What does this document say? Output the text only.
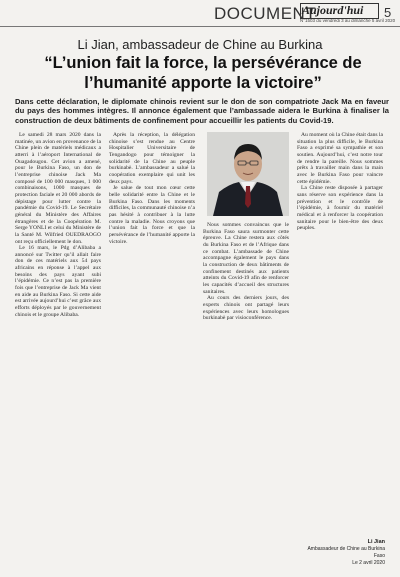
DOCUMENT
Aujourd'hui 5
N°1503 du vendredi 3 au dimanche 5 avril 2020
Li Jian, ambassadeur de Chine au Burkina
“L’union fait la force, la persévérance de l’humanité apporte la victoire”
Dans cette déclaration, le diplomate chinois revient sur le don de son compatriote Jack Ma en faveur du pays des hommes intègres. Il annonce également que l’ambassade aidera le Burkina à finaliser la construction de deux bâtiments de confinement pour accueillir les patients du Covid-19.

Le samedi 28 mars 2020 dans la matinée, un avion en provenance de la Chine plein de matériels médicaux a atterri à l’aéroport International de Ouagadougou. Cet avion a amené, pour le Burkina Faso, un don de l’entreprise chinoise Jack Ma composé de 100 000 masques, 1 000 combinaisons, 1000 masques de protection faciale et 20 000 abords de dépistage pour lutter contre la pandémie du Covid-19. Le Secrétaire général du Ministère des Affaires étrangères et de la Coopération M. Serge YONLI et celui du Ministère de la Santé M. Wilfried OUEDRAOGO ont reçu officiellement le don.

Le 16 mars, le Pdg d’Alibaba a annoncé sur Twitter qu’il allait faire don de ces matériels aux 54 pays africains en réponse à l’appel aux besoins des pays ayant subi l’épidémie. Ce n’est pas la première fois que l’entreprise de Jack Ma vient en aide au Burkina Faso. Si cette aide est arrivée aujourd’hui c’est grâce aux efforts déployés par le gouvernement chinois et le groupe Alibaba.

Après la réception, la délégation chinoise s’est rendue au Centre Hospitalier Universitaire de Tengandogo pour témoigner la solidarité de la Chine au peuple burkinabè. L’ambassadeur a salué la coopération exemplaire qui unit les deux pays.

Je salue de tout mon cœur cette belle solidarité entre la Chine et le Burkina Faso. Dans les moments difficiles, la communauté chinoise n’a pas hésité à contribuer à la lutte contre la maladie. Nous croyons que l’union fait la force et que la persévérance de l’humanité apporte la victoire.

Nous sommes convaincus que le Burkina Faso saura surmonter cette épreuve. La Chine restera aux côtés du Burkina Faso et de l’Afrique dans ce combat. L’ambassade de Chine accompagne également le pays dans la construction de deux bâtiments de confinement destinés aux patients atteints du Covid-19 afin de renforcer les capacités d’accueil des structures sanitaires.

Au cours des derniers jours, des experts chinois ont partagé leurs expériences avec leurs homologues burkinabè par visioconférence.

Au moment où la Chine était dans la situation la plus difficile, le Burkina Faso a exprimé sa sympathie et son soutien. Aujourd’hui, c’est notre tour de rendre la pareille. Nous sommes prêts à travailler main dans la main avec le Burkina Faso pour vaincre cette épidémie.

La Chine reste disposée à partager sans réserve son expérience dans la prévention et le contrôle de l’épidémie, à fournir du matériel médical et à renforcer la coopération sanitaire pour le bien-être des deux peuples.

Li Jian
Ambassadeur de Chine au Burkina Faso
Le 2 avril 2020
